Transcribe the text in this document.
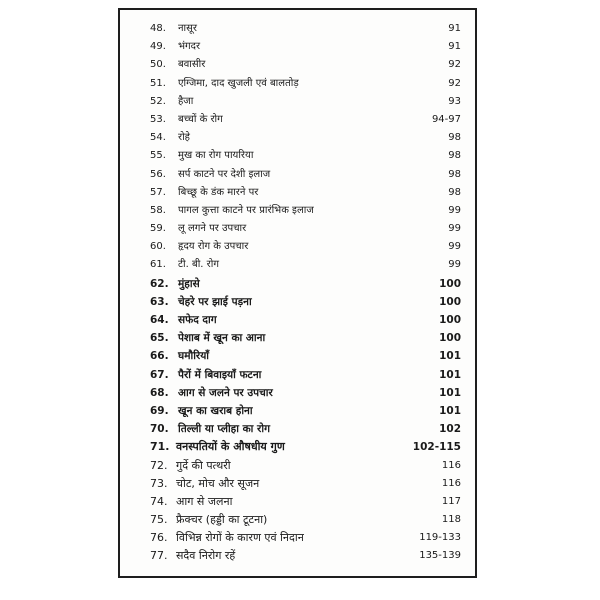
48. नासूर	91
49. भंगदर	91
50. बवासीर	92
51. एग्जिमा, दाद खुजली एवं बालतोड़	92
52. हैजा	93
53. बच्चों के रोग	94-97
54. रोहे	98
55. मुख का रोग पायरिया	98
56. सर्प काटने पर देशी इलाज	98
57. बिच्छू के डंक मारने पर	98
58. पागल कुत्ता काटने पर प्रारंभिक इलाज	99
59. लू लगने पर उपचार	99
60. हृदय रोग के उपचार	99
61. टी. बी. रोग	99
62. मुंहासे	100
63. चेहरे पर झाई पड़ना	100
64. सफेद दाग	100
65. पेशाब में खून का आना	100
66. घमौरियाँ	101
67. पैरों में बिवाइयाँ फटना	101
68. आग से जलने पर उपचार	101
69. खून का खराब होना	101
70. तिल्ली या प्लीहा का रोग	102
71. वनस्पतियों के औषधीय गुण	102-115
72. गुर्दे की पत्थरी	116
73. चोट, मोच और सूजन	116
74. आग से जलना	117
75. फ्रैक्चर (हड्डी का टूटना)	118
76. विभिन्न रोगों के कारण एवं निदान	119-133
77. सदैव निरोग रहें	135-139
